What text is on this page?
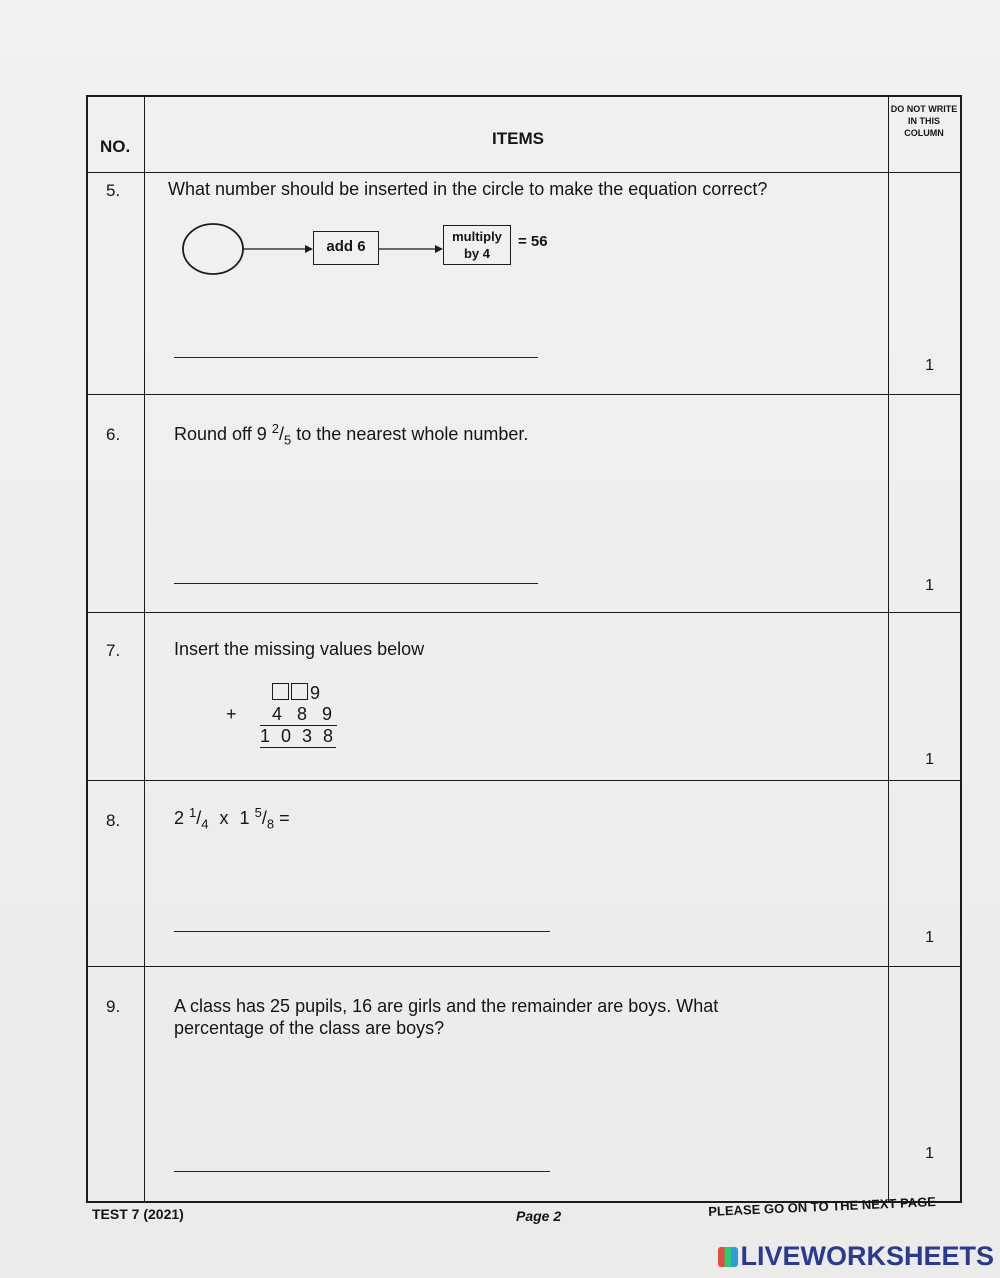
NO.	ITEMS
DO NOT WRITE IN THIS COLUMN
5.	What number should be inserted in the circle to make the equation correct?
add 6
multiply by 4
= 56
1
6.	Round off 9 $^2/_5$ to the nearest whole number.
1
7.	Insert the missing values below
9
+ 4 8 9
1 0 3 8
1
8.	2 $^1/_4$ x 1 $^5/_8$ =
1
9.	A class has 25 pupils, 16 are girls and the remainder are boys. What
percentage of the class are boys?
1
TEST 7 (2021)	Page 2	PLEASE GO ON TO THE NEXT PAGE
LIVEWORKSHEETS
